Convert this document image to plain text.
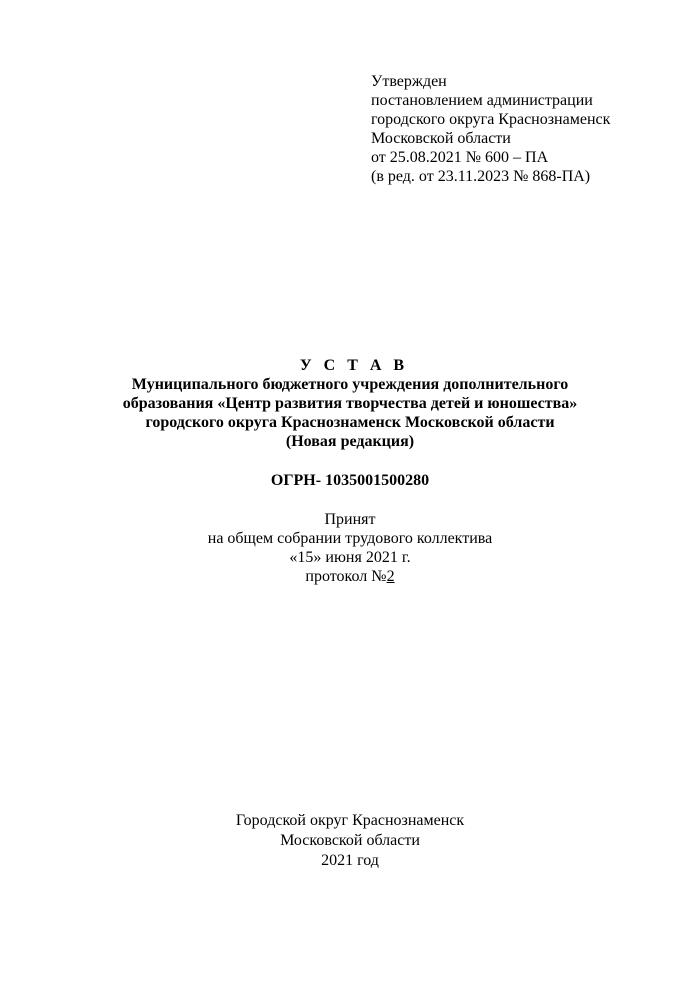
Утвержден
постановлением администрации
городского округа Краснознаменск
Московской области
от 25.08.2021 № 600 – ПА
(в ред. от 23.11.2023 № 868-ПА)
У С Т А В
Муниципального бюджетного учреждения дополнительного
образования «Центр развития творчества детей и юношества»
городского округа Краснознаменск Московской области
(Новая редакция)
ОГРН- 1035001500280
Принят
на общем собрании трудового коллектива
«15» июня 2021 г.
протокол №2
Городской округ Краснознаменск
Московской области
2021 год
